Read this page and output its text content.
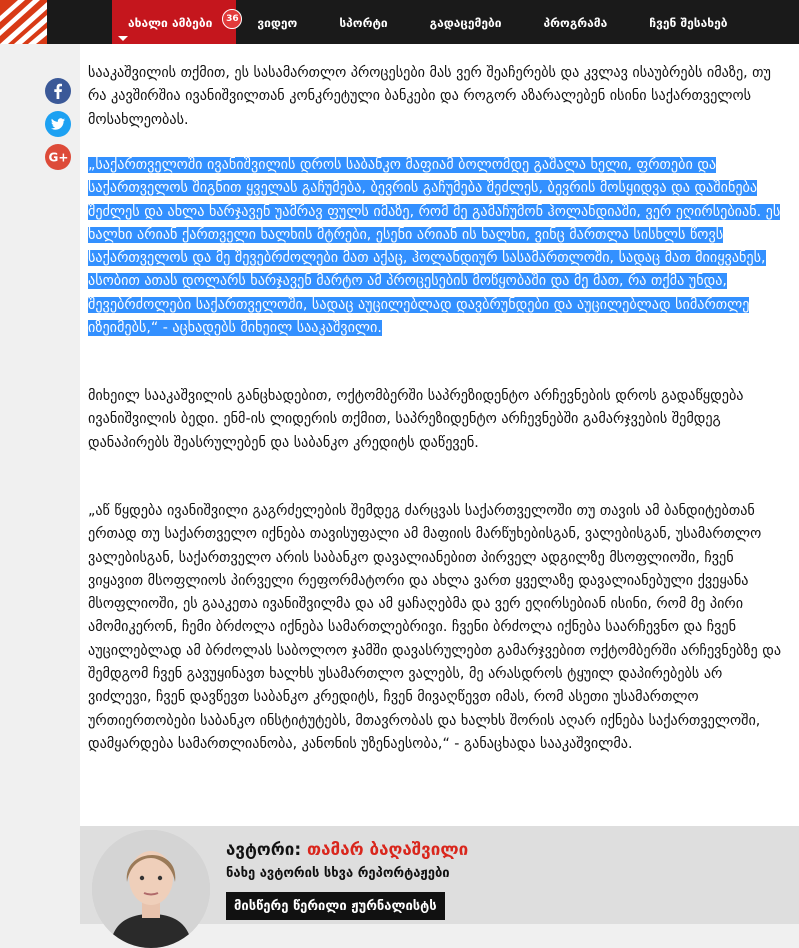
ახალი ამბები	36	ვიდეო	სპორტი	გადაცემები	პროგრამა	ჩვენ შესახებ
G+

სააკაშვილის თქმით, ეს სასამართლო პროცესები მას ვერ შეაჩერებს და კვლავ ისაუბრებს იმაზე, თუ რა კავშირშია ივანიშვილთან კონკრეტული ბანკები და როგორ აზარალებენ ისინი საქართველოს მოსახლეობას.

„საქართველოში ივანიშვილის დროს საბანკო მაფიამ ბოლომდე გაშალა ხელი, ფრთები და საქართველოს შიგნით ყველას გაჩუმება, ბევრის გაჩუმება შეძლეს, ბევრის მოსყიდვა და დაშინება შეძლეს და ახლა ხარჯავენ უამრავ ფულს იმაზე, რომ მე გამაჩუმონ ჰოლანდიაში, ვერ ეღირსებიან. ეს ხალხი არიან ქართველი ხალხის მტრები, ესენი არიან ის ხალხი, ვინც მართლა სისხლს წოვს საქართველოს და მე შევებრძოლები მათ აქაც, ჰოლანდიურ სასამართლოში, სადაც მათ მიიყვანეს, ასობით ათას დოლარს ხარჯავენ მარტო ამ პროცესების მოწყობაში და მე მათ, რა თქმა უნდა, შევებრძოლები საქართველოში, სადაც აუცილებლად დავბრუნდები და აუცილებლად სიმართლე იზეიმებს,“ - აცხადებს მიხეილ სააკაშვილი.

მიხეილ სააკაშვილის განცხადებით, ოქტომბერში საპრეზიდენტო არჩევნების დროს გადაწყდება ივანიშვილის ბედი. ენმ-ის ლიდერის თქმით, საპრეზიდენტო არჩევნებში გამარჯვების შემდეგ დანაპირებს შეასრულებენ და საბანკო კრედიტს დაწევენ.

„აწ წყდება ივანიშვილი გაგრძელების შემდეგ ძარცვას საქართველოში თუ თავის ამ ბანდიტებთან ერთად თუ საქართველო იქნება თავისუფალი ამ მაფიის მარწუხებისგან, ვალებისგან, უსამართლო ვალებისგან, საქართველო არის საბანკო დავალიანებით პირველ ადგილზე მსოფლიოში, ჩვენ ვიყავით მსოფლიოს პირველი რეფორმატორი და ახლა ვართ ყველაზე დავალიანებული ქვეყანა მსოფლიოში, ეს გააკეთა ივანიშვილმა და ამ ყაჩაღებმა და ვერ ეღირსებიან ისინი, რომ მე პირი ამომიკერონ, ჩემი ბრძოლა იქნება სამართლებრივი. ჩვენი ბრძოლა იქნება საარჩევნო და ჩვენ აუცილებლად ამ ბრძოლას საბოლოო ჯამში დავასრულებთ გამარჯვებით ოქტომბერში არჩევნებზე და შემდგომ ჩვენ გავუყინავთ ხალხს უსამართლო ვალებს, მე არასდროს ტყუილ დაპირებებს არ ვიძლევი, ჩვენ დავწევთ საბანკო კრედიტს, ჩვენ მივაღწევთ იმას, რომ ასეთი უსამართლო ურთიერთობები საბანკო ინსტიტუტებს, მთავრობას და ხალხს შორის აღარ იქნება საქართველოში, დამყარდება სამართლიანობა, კანონის უზენაესობა,“ - განაცხადა სააკაშვილმა.

ავტორი: თამარ ბაღაშვილი
ნახე ავტორის სხვა რეპორტაჟები
მისწერე წერილი ჟურნალისტს
